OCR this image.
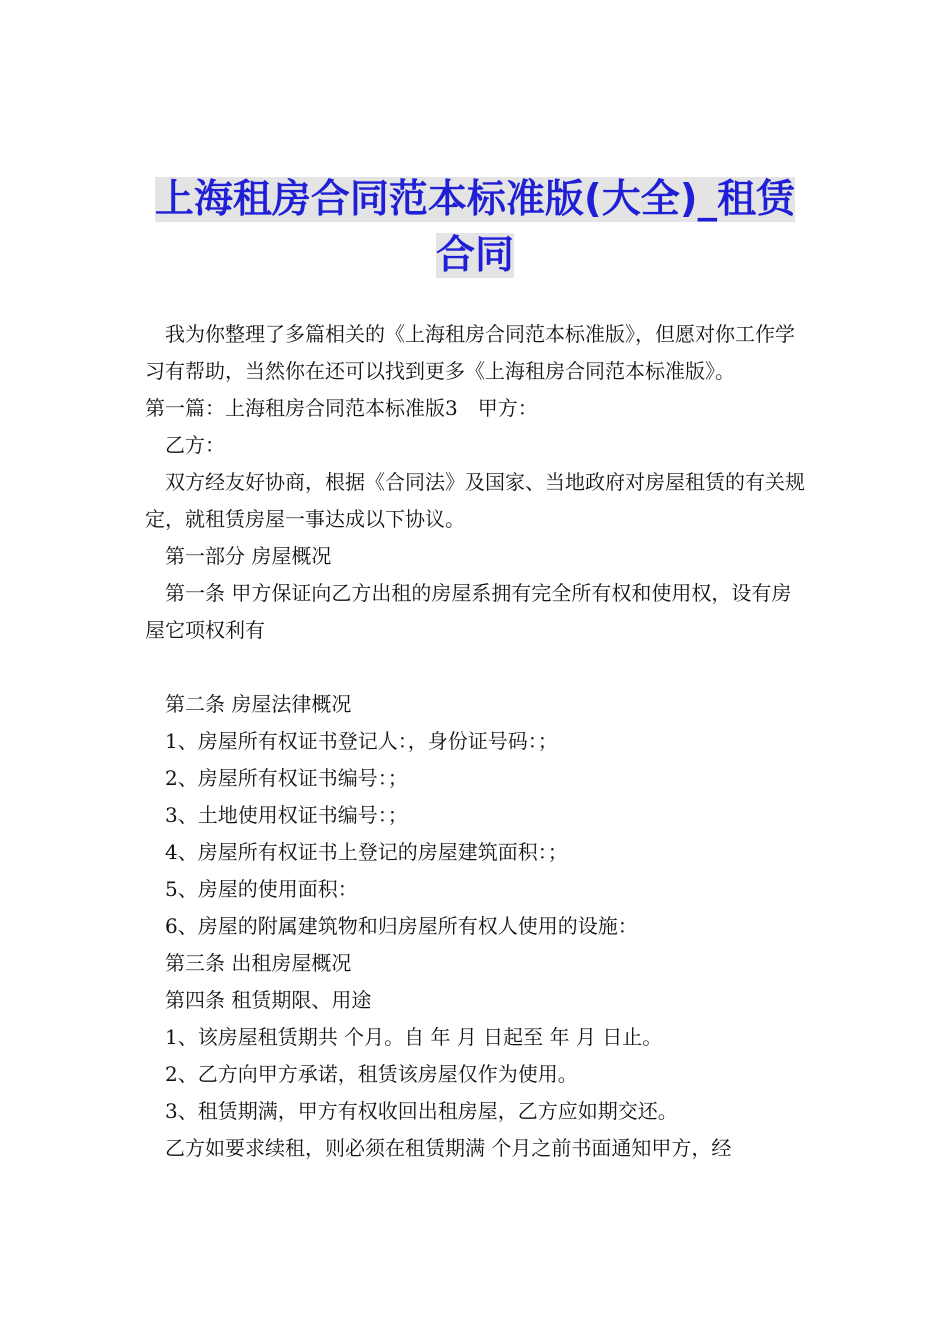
上海租房合同范本标准版(大全)_租赁
合同

我为你整理了多篇相关的《上海租房合同范本标准版》，但愿对你工作学习有帮助，当然你在还可以找到更多《上海租房合同范本标准版》。

第一篇：上海租房合同范本标准版3　甲方：

乙方：

双方经友好协商，根据《合同法》及国家、当地政府对房屋租赁的有关规定，就租赁房屋一事达成以下协议。

第一部分 房屋概况

第一条 甲方保证向乙方出租的房屋系拥有完全所有权和使用权，设有房屋它项权利有

第二条 房屋法律概况

1、房屋所有权证书登记人：，身份证号码：；

2、房屋所有权证书编号：；

3、土地使用权证书编号：；

4、房屋所有权证书上登记的房屋建筑面积：；

5、房屋的使用面积：

6、房屋的附属建筑物和归房屋所有权人使用的设施：

第三条 出租房屋概况

第四条 租赁期限、用途

1、该房屋租赁期共 个月。自 年 月 日起至 年 月 日止。

2、乙方向甲方承诺，租赁该房屋仅作为使用。

3、租赁期满，甲方有权收回出租房屋，乙方应如期交还。

乙方如要求续租，则必须在租赁期满 个月之前书面通知甲方，经
